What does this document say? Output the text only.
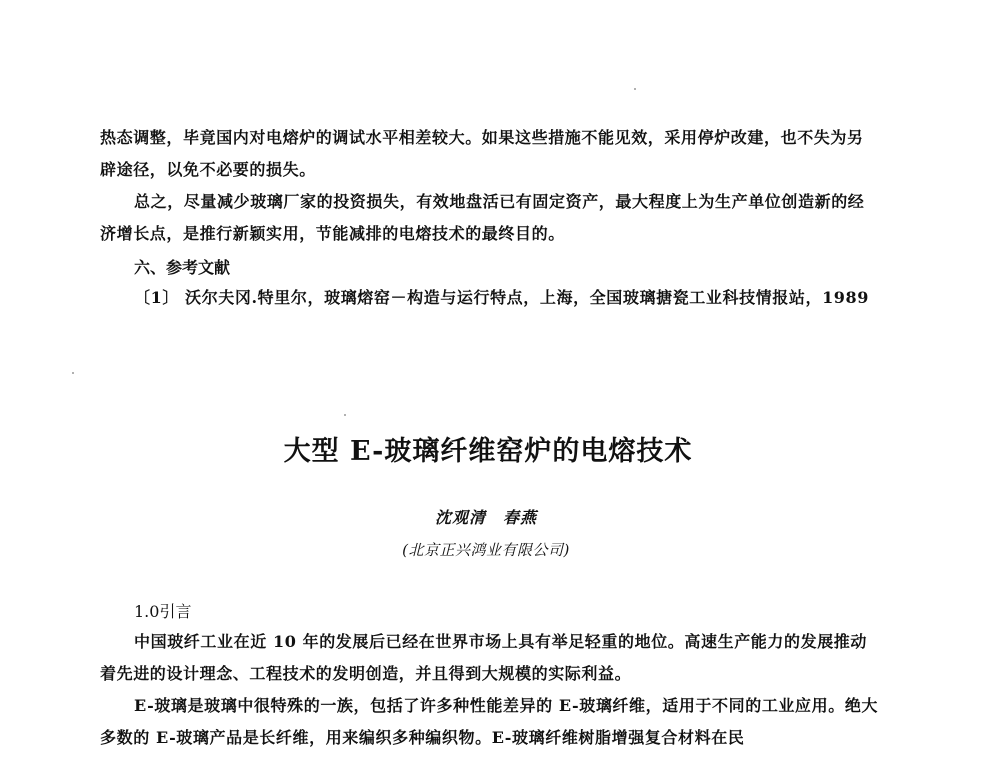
热态调整，毕竟国内对电熔炉的调试水平相差较大。如果这些措施不能见效，采用停炉改建，也不失为另辟途径，以免不必要的损失。

总之，尽量减少玻璃厂家的投资损失，有效地盘活已有固定资产，最大程度上为生产单位创造新的经济增长点，是推行新颖实用，节能减排的电熔技术的最终目的。

六、参考文献

〔1〕 沃尔夫冈.特里尔，玻璃熔窑－构造与运行特点，上海，全国玻璃搪瓷工业科技情报站，1989

大型 E-玻璃纤维窑炉的电熔技术

沈观清　春燕

(北京正兴鸿业有限公司)

1.0引言

中国玻纤工业在近 10 年的发展后已经在世界市场上具有举足轻重的地位。高速生产能力的发展推动着先进的设计理念、工程技术的发明创造，并且得到大规模的实际利益。

E-玻璃是玻璃中很特殊的一族，包括了许多种性能差异的 E-玻璃纤维，适用于不同的工业应用。绝大多数的 E-玻璃产品是长纤维，用来编织多种编织物。E-玻璃纤维树脂增强复合材料在民
